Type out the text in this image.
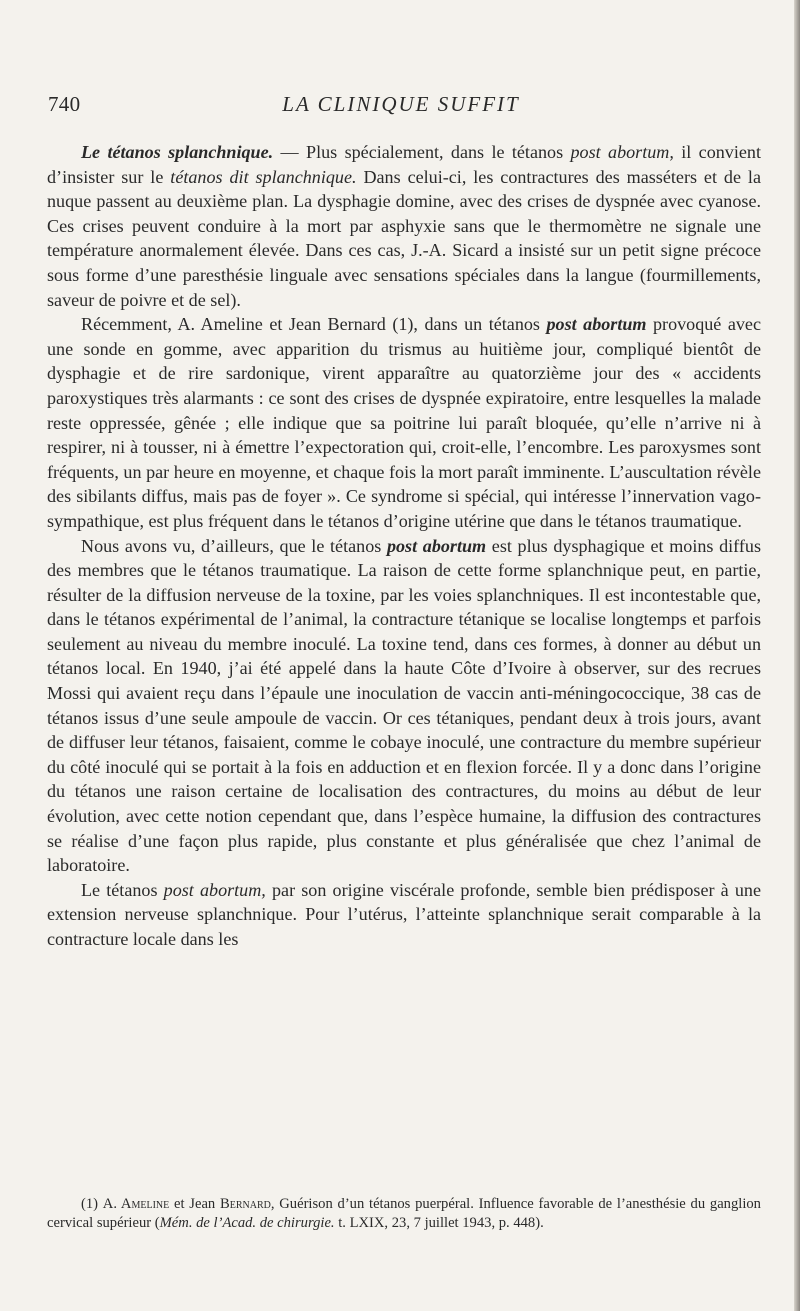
740	LA CLINIQUE SUFFIT

Le tétanos splanchnique. — Plus spécialement, dans le tétanos post abortum, il convient d’insister sur le tétanos dit splanchnique. Dans celui-ci, les contractures des masséters et de la nuque passent au deuxième plan. La dysphagie domine, avec des crises de dyspnée avec cyanose. Ces crises peuvent conduire à la mort par asphyxie sans que le thermomètre ne signale une température anormalement élevée. Dans ces cas, J.-A. Sicard a insisté sur un petit signe précoce sous forme d’une paresthésie linguale avec sensations spéciales dans la langue (fourmillements, saveur de poivre et de sel).

Récemment, A. Ameline et Jean Bernard (1), dans un tétanos post abortum provoqué avec une sonde en gomme, avec apparition du trismus au huitième jour, compliqué bientôt de dysphagie et de rire sardonique, virent apparaître au quatorzième jour des « accidents paroxystiques très alarmants : ce sont des crises de dyspnée expiratoire, entre lesquelles la malade reste oppressée, gênée ; elle indique que sa poitrine lui paraît bloquée, qu’elle n’arrive ni à respirer, ni à tousser, ni à émettre l’expectoration qui, croit-elle, l’encombre. Les paroxysmes sont fréquents, un par heure en moyenne, et chaque fois la mort paraît imminente. L’auscultation révèle des sibilants diffus, mais pas de foyer ». Ce syndrome si spécial, qui intéresse l’innervation vago-sympathique, est plus fréquent dans le tétanos d’origine utérine que dans le tétanos traumatique.

Nous avons vu, d’ailleurs, que le tétanos post abortum est plus dysphagique et moins diffus des membres que le tétanos traumatique. La raison de cette forme splanchnique peut, en partie, résulter de la diffusion nerveuse de la toxine, par les voies splanchniques. Il est incontestable que, dans le tétanos expérimental de l’animal, la contracture tétanique se localise longtemps et parfois seulement au niveau du membre inoculé. La toxine tend, dans ces formes, à donner au début un tétanos local. En 1940, j’ai été appelé dans la haute Côte d’Ivoire à observer, sur des recrues Mossi qui avaient reçu dans l’épaule une inoculation de vaccin anti-méningococcique, 38 cas de tétanos issus d’une seule ampoule de vaccin. Or ces tétaniques, pendant deux à trois jours, avant de diffuser leur tétanos, faisaient, comme le cobaye inoculé, une contracture du membre supérieur du côté inoculé qui se portait à la fois en adduction et en flexion forcée. Il y a donc dans l’origine du tétanos une raison certaine de localisation des contractures, du moins au début de leur évolution, avec cette notion cependant que, dans l’espèce humaine, la diffusion des contractures se réalise d’une façon plus rapide, plus constante et plus généralisée que chez l’animal de laboratoire.

Le tétanos post abortum, par son origine viscérale profonde, semble bien prédisposer à une extension nerveuse splanchnique. Pour l’utérus, l’atteinte splanchnique serait comparable à la contracture locale dans les

(1) A. Ameline et Jean Bernard, Guérison d’un tétanos puerpéral. Influence favorable de l’anesthésie du ganglion cervical supérieur (Mém. de l’Acad. de chirurgie. t. LXIX, 23, 7 juillet 1943, p. 448).
